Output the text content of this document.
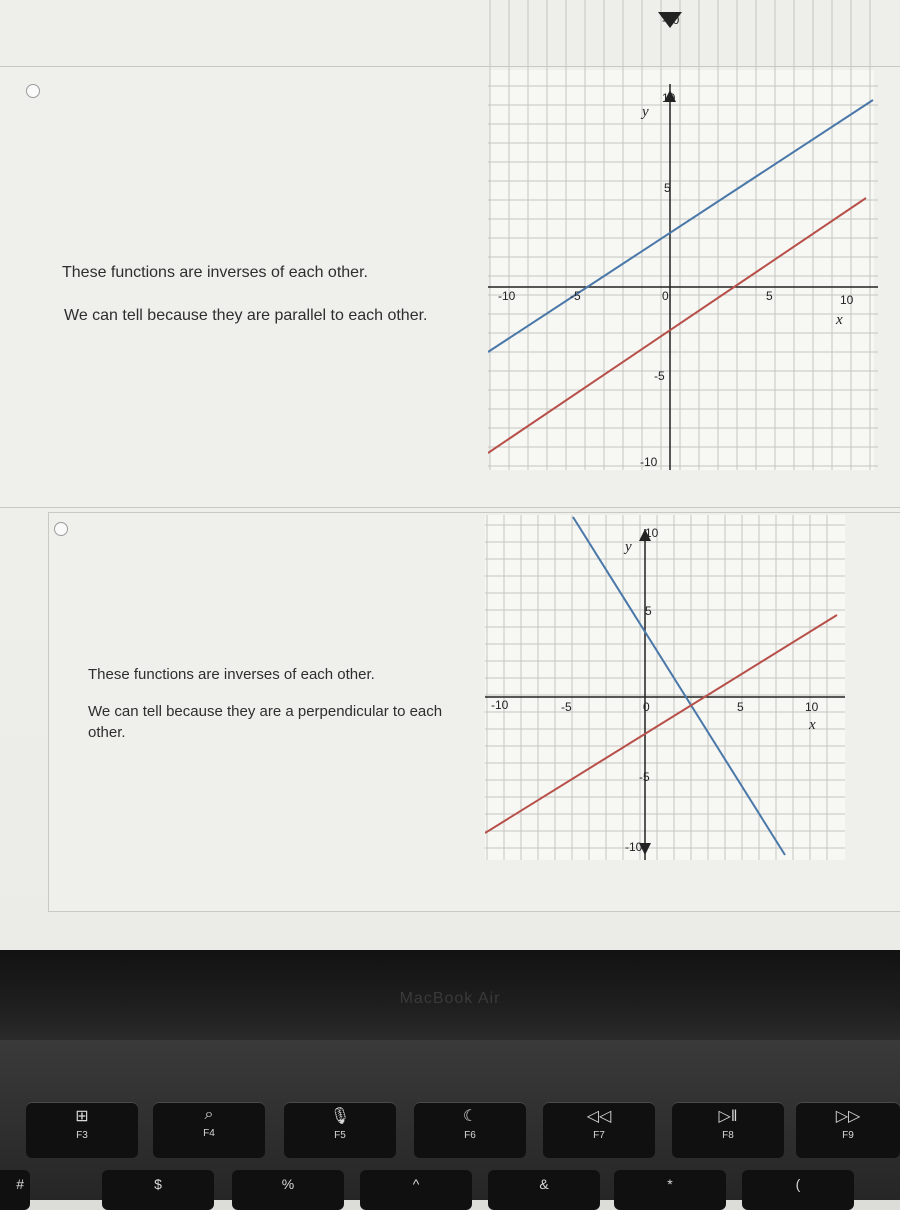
These functions are inverses of each other.
We can tell because they are parallel to each other.
-10
10
y
5
-10	-5	0	5	10
x
-5
-10
These functions are inverses of each other.
We can tell because they are a perpendicular to each
other.
10
y
5
-10	-5	0	5	10
x
-5
-10
MacBook Air
⊞
F3
⌕
F4
🎙
F5
☾
F6
◁◁
F7
▷‖
F8
▷▷
F9
#	$	%	^	&	*	(
